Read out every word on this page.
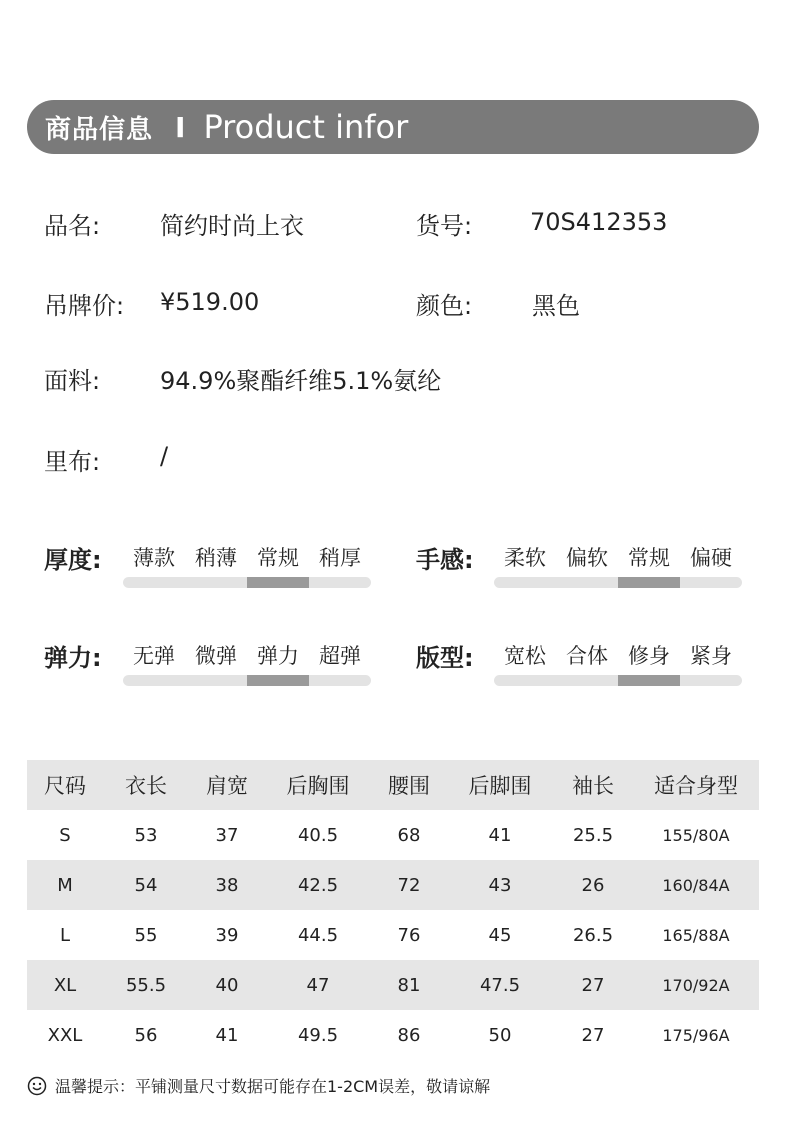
商品信息 I Product infor
品名: 简约时尚上衣	货号: 70S412353
吊牌价: ¥519.00	颜色: 黑色
面料: 94.9%聚酯纤维5.1%氨纶
里布: /
厚度:	薄款 稍薄 常规 稍厚	手感:	柔软 偏软 常规 偏硬
弹力:	无弹 微弹 弹力 超弹	版型:	宽松 合体 修身 紧身
尺码	衣长	肩宽	后胸围	腰围	后脚围	袖长	适合身型
S	53	37	40.5	68	41	25.5	155/80A
M	54	38	42.5	72	43	26	160/84A
L	55	39	44.5	76	45	26.5	165/88A
XL	55.5	40	47	81	47.5	27	170/92A
XXL	56	41	49.5	86	50	27	175/96A
温馨提示：平铺测量尺寸数据可能存在1-2CM误差，敬请谅解
